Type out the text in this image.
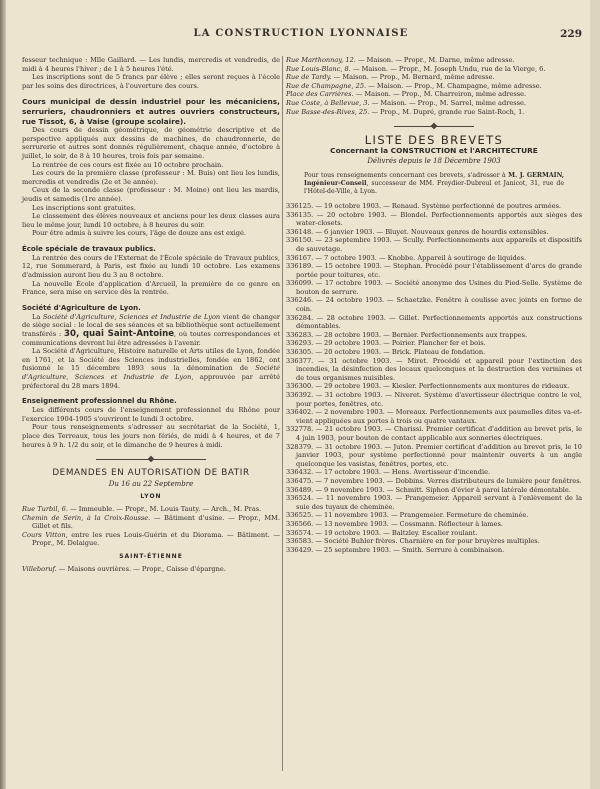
LA CONSTRUCTION LYONNAISE	229

fesseur technique : Mlle Gaillard. — Les lundis, mercredis et vendredis, de midi à 4 heures l'hiver ; de 1 à 5 heures l'été.

Les inscriptions sont de 5 francs par élève ; elles seront reçues à l'école par les soins des directrices, à l'ouverture des cours.

Cours municipal de dessin industriel pour les mécaniciens, serruriers, chaudronniers et autres ouvriers constructeurs, rue Tissot, 6, à Vaise (groupe scolaire).

Des cours de dessin géométrique, de géométrie descriptive et de perspective appliqués aux dessins de machines, de chaudronnerie, de serrurerie et autres sont donnés régulièrement, chaque année, d'octobre à juillet, le soir, de 8 à 10 heures, trois fois par semaine.

La rentrée de ces cours est fixée au 10 octobre prochain.

Les cours de la première classe (professeur : M. Buis) ont lieu les lundis, mercredis et vendredis (2e et 3e année).

Ceux de la seconde classe (professeur : M. Moine) ont lieu les mardis, jeudis et samedis (1re année).

Les inscriptions sont gratuites.

Le classement des élèves nouveaux et anciens pour les deux classes aura lieu le même jour, lundi 10 octobre, à 8 heures du soir.

Pour être admis à suivre les cours, l'âge de douze ans est exigé.

École spéciale de travaux publics.

La rentrée des cours de l'Externat de l'École spéciale de Travaux publics, 12, rue Sommerard, à Paris, est fixée au lundi 10 octobre. Les examens d'admission auront lieu du 3 au 8 octobre.

La nouvelle École d'application d'Arcueil, la première de ce genre en France, sera mise en service dès la rentrée.

Société d'Agriculture de Lyon.

La Société d'Agriculture, Sciences et Industrie de Lyon vient de changer de siège social : le local de ses séances et sa bibliothèque sont actuellement transférés : 30, quai Saint-Antoine, où toutes correspondances et communications devront lui être adressées à l'avenir.

La Société d'Agriculture, Histoire naturelle et Arts utiles de Lyon, fondée en 1761, et la Société des Sciences industrielles, fondée en 1862, ont fusionné le 15 décembre 1893 sous la dénomination de Société d'Agriculture, Sciences et Industrie de Lyon, approuvée par arrêté préfectoral du 28 mars 1894.

Enseignement professionnel du Rhône.

Les différents cours de l'enseignement professionnel du Rhône pour l'exercice 1904-1905 s'ouvriront le lundi 3 octobre.

Pour tous renseignements s'adresser au secrétariat de la Société, 1, place des Terreaux, tous les jours non fériés, de midi à 4 heures, et de 7 heures à 9 h. 1/2 du soir, et le dimanche de 9 heures à midi.

DEMANDES EN AUTORISATION DE BATIR
Du 16 au 22 Septembre
LYON

Rue Turbil, 6. — Immeuble. — Propr., M. Louis Tauty. — Arch., M. Pras.

Chemin de Serin, à la Croix-Rousse. — Bâtiment d'usine. — Propr., MM. Gillet et fils.

Cours Vitton, entre les rues Louis-Guérin et du Diorama. — Bâtiment. — Propr., M. Delaigue.

SAINT-ÉTIENNE

Villeboruf. — Maisons ouvrières. — Propr., Caisse d'épargne.

Rue Marthonnay, 12. — Maison. — Propr., M. Darne, même adresse.

Rue Louis-Blanc, 8. — Maison. — Propr., M. Joseph Undu, rue de la Vierge, 6.

Rue de Tardy. — Maison. — Prop., M. Bernard, même adresse.

Rue de Champagne, 25. — Maison. — Prop., M. Champagne, même adresse.

Place des Carrières. — Maison. — Prop., M. Charreiron, même adresse.

Rue Coste, à Bellevue, 3. — Maison. — Prop., M. Sarrel, même adresse.

Rue Basse-des-Rives, 25. — Prop., M. Dupré, grande rue Saint-Roch, 1.

LISTE DES BREVETS
Concernant la CONSTRUCTION et l'ARCHITECTURE
Délivrés depuis le 18 Décembre 1903

Pour tous renseignements concernant ces brevets, s'adresser à M. J. GERMAIN, Ingénieur-Conseil, successeur de MM. Freydier-Dubreul et Janicot, 31, rue de l'Hôtel-de-Ville, à Lyon.

336125. — 19 octobre 1903. — Renaud. Système perfectionné de poutres armées.

336135. — 20 octobre 1903. — Blondel. Perfectionnements apportés aux sièges des water-closets.

336148. — 6 janvier 1903. — Bluyet. Nouveaux genres de hourdis extensibles.

336150. — 23 septembre 1903. — Scully. Perfectionnements aux appareils et dispositifs de sauvetage.

336167. — 7 octobre 1903. — Knobbe. Appareil à soutirage de liquides.

336189. — 15 octobre 1903. — Stephan. Procédé pour l'établissement d'arcs de grande portée pour toitures, etc.

336099. — 17 octobre 1903. — Société anonyme des Usines du Pied-Selle. Système de bouton de serrure.

336246. — 24 octobre 1903. — Schaetzke. Fenêtre à coulisse avec joints en forme de coin.

336284. — 28 octobre 1903. — Gillet. Perfectionnements apportés aux constructions démontables.

336283. — 28 octobre 1903. — Bernier. Perfectionnements aux trappes.

336293. — 29 octobre 1903. — Poirier. Plancher fer et bois.

336305. — 20 octobre 1903. — Brick. Plateau de fondation.

336377. — 31 octobre 1903. — Miret. Procédé et appareil pour l'extinction des incendies, la désinfection des locaux quelconques et la destruction des vermines et de tous organismes nuisibles.

336300. — 29 octobre 1903. — Kiesler. Perfectionnements aux montures de rideaux.

336392. — 31 octobre 1903. — Niveret. Système d'avertisseur électrique contre le vol, pour portes, fenêtres, etc.

336402. — 2 novembre 1903. — Moreaux. Perfectionnements aux paumelles dites va-et-vient appliquées aux portes à trois ou quatre vantaux.

332778. — 21 octobre 1903. — Charissi. Premier certificat d'addition au brevet pris, le 4 juin 1903, pour bouton de contact applicable aux sonneries électriques.

328379. — 31 octobre 1903. — Juton. Premier certificat d'addition au brevet pris, le 10 janvier 1903, pour système perfectionné pour maintenir ouverts à un angle quelconque les vasistas, fenêtres, portes, etc.

336432. — 17 octobre 1903. — Hens. Avertisseur d'incendie.

336475. — 7 novembre 1903. — Dobbins. Verres distributeurs de lumière pour fenêtres.

336489. — 9 novembre 1903. — Schmitt. Siphon d'évier à paroi latérale démontable.

336524. — 11 novembre 1903. — Prangemeier. Appareil servant à l'enlèvement de la suie des tuyaux de cheminée.

336525. — 11 novembre 1903. — Prangemeier. Fermeture de cheminée.

336566. — 13 novembre 1903. — Cossmann. Réflecteur à lames.

336574. — 19 octobre 1903. — Baltzley. Escalier roulant.

336583. — Société Buhler frères. Charnière en fer pour bruyères multiples.

336429. — 25 septembre 1903. — Smith. Serrure à combinaison.
